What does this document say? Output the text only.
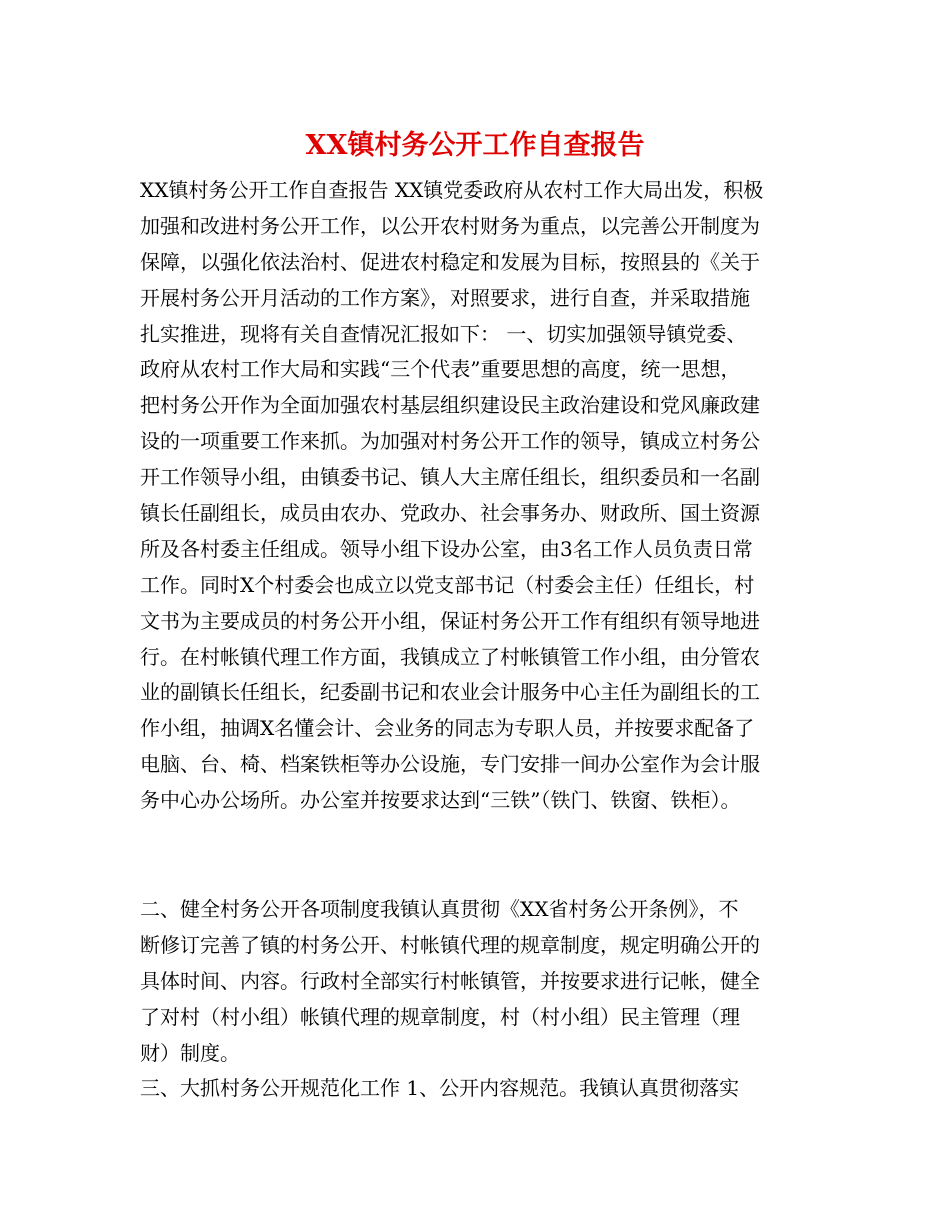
XX镇村务公开工作自查报告
XX镇村务公开工作自查报告 XX镇党委政府从农村工作大局出发，积极
加强和改进村务公开工作，以公开农村财务为重点，以完善公开制度为
保障，以强化依法治村、促进农村稳定和发展为目标，按照县的《关于
开展村务公开月活动的工作方案》，对照要求，进行自查，并采取措施
扎实推进，现将有关自查情况汇报如下： 一、切实加强领导镇党委、
政府从农村工作大局和实践“三个代表”重要思想的高度，统一思想，
把村务公开作为全面加强农村基层组织建设民主政治建设和党风廉政建
设的一项重要工作来抓。为加强对村务公开工作的领导，镇成立村务公
开工作领导小组，由镇委书记、镇人大主席任组长，组织委员和一名副
镇长任副组长，成员由农办、党政办、社会事务办、财政所、国土资源
所及各村委主任组成。领导小组下设办公室，由3名工作人员负责日常
工作。同时X个村委会也成立以党支部书记（村委会主任）任组长，村
文书为主要成员的村务公开小组，保证村务公开工作有组织有领导地进
行。在村帐镇代理工作方面，我镇成立了村帐镇管工作小组，由分管农
业的副镇长任组长，纪委副书记和农业会计服务中心主任为副组长的工
作小组，抽调X名懂会计、会业务的同志为专职人员，并按要求配备了
电脑、台、椅、档案铁柜等办公设施，专门安排一间办公室作为会计服
务中心办公场所。办公室并按要求达到“三铁”（铁门、铁窗、铁柜）。
二、健全村务公开各项制度我镇认真贯彻《XX省村务公开条例》，不
断修订完善了镇的村务公开、村帐镇代理的规章制度，规定明确公开的
具体时间、内容。行政村全部实行村帐镇管，并按要求进行记帐，健全
了对村（村小组）帐镇代理的规章制度，村（村小组）民主管理（理
财）制度。
三、大抓村务公开规范化工作 1、公开内容规范。我镇认真贯彻落实
